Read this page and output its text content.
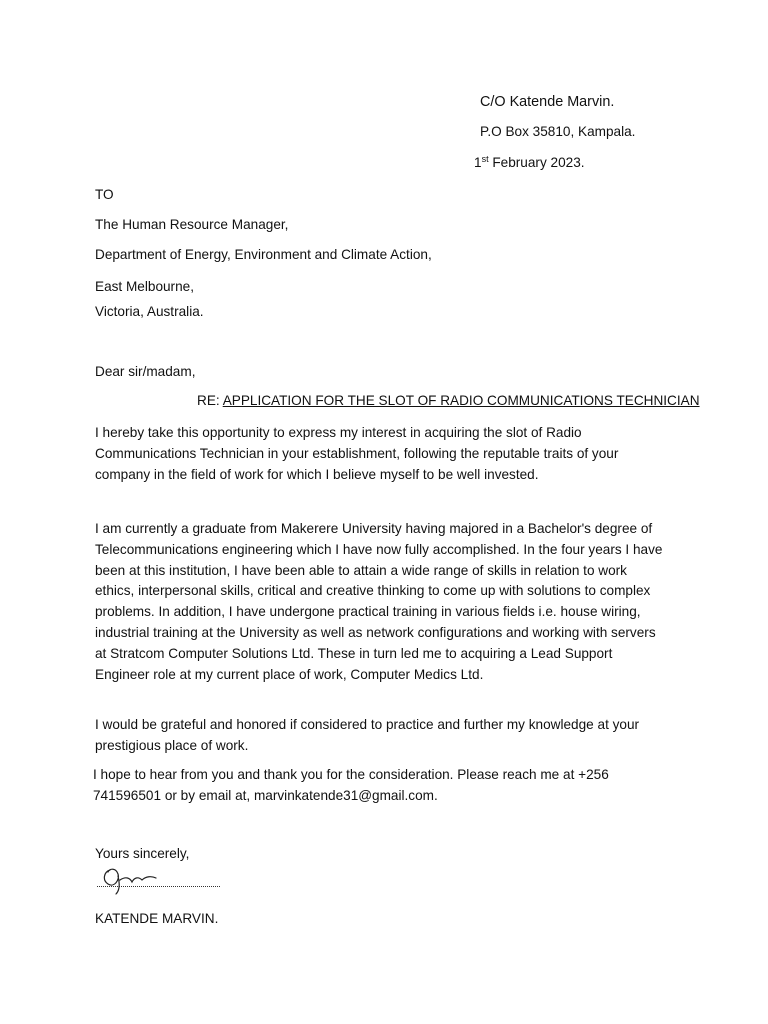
C/O Katende Marvin.
P.O Box 35810, Kampala.
1st February 2023.
TO
The Human Resource Manager,
Department of Energy, Environment and Climate Action,
East Melbourne,
Victoria, Australia.
Dear sir/madam,
RE: APPLICATION FOR THE SLOT OF RADIO COMMUNICATIONS TECHNICIAN
I hereby take this opportunity to express my interest in acquiring the slot of Radio
Communications Technician in your establishment, following the reputable traits of your
company in the field of work for which I believe myself to be well invested.
I am currently a graduate from Makerere University having majored in a Bachelor's degree of
Telecommunications engineering which I have now fully accomplished. In the four years I have
been at this institution, I have been able to attain a wide range of skills in relation to work
ethics, interpersonal skills, critical and creative thinking to come up with solutions to complex
problems. In addition, I have undergone practical training in various fields i.e. house wiring,
industrial training at the University as well as network configurations and working with servers
at Stratcom Computer Solutions Ltd. These in turn led me to acquiring a Lead Support
Engineer role at my current place of work, Computer Medics Ltd.
I would be grateful and honored if considered to practice and further my knowledge at your
prestigious place of work.
I hope to hear from you and thank you for the consideration. Please reach me at +256
741596501 or by email at, marvinkatende31@gmail.com.
Yours sincerely,
KATENDE MARVIN.
